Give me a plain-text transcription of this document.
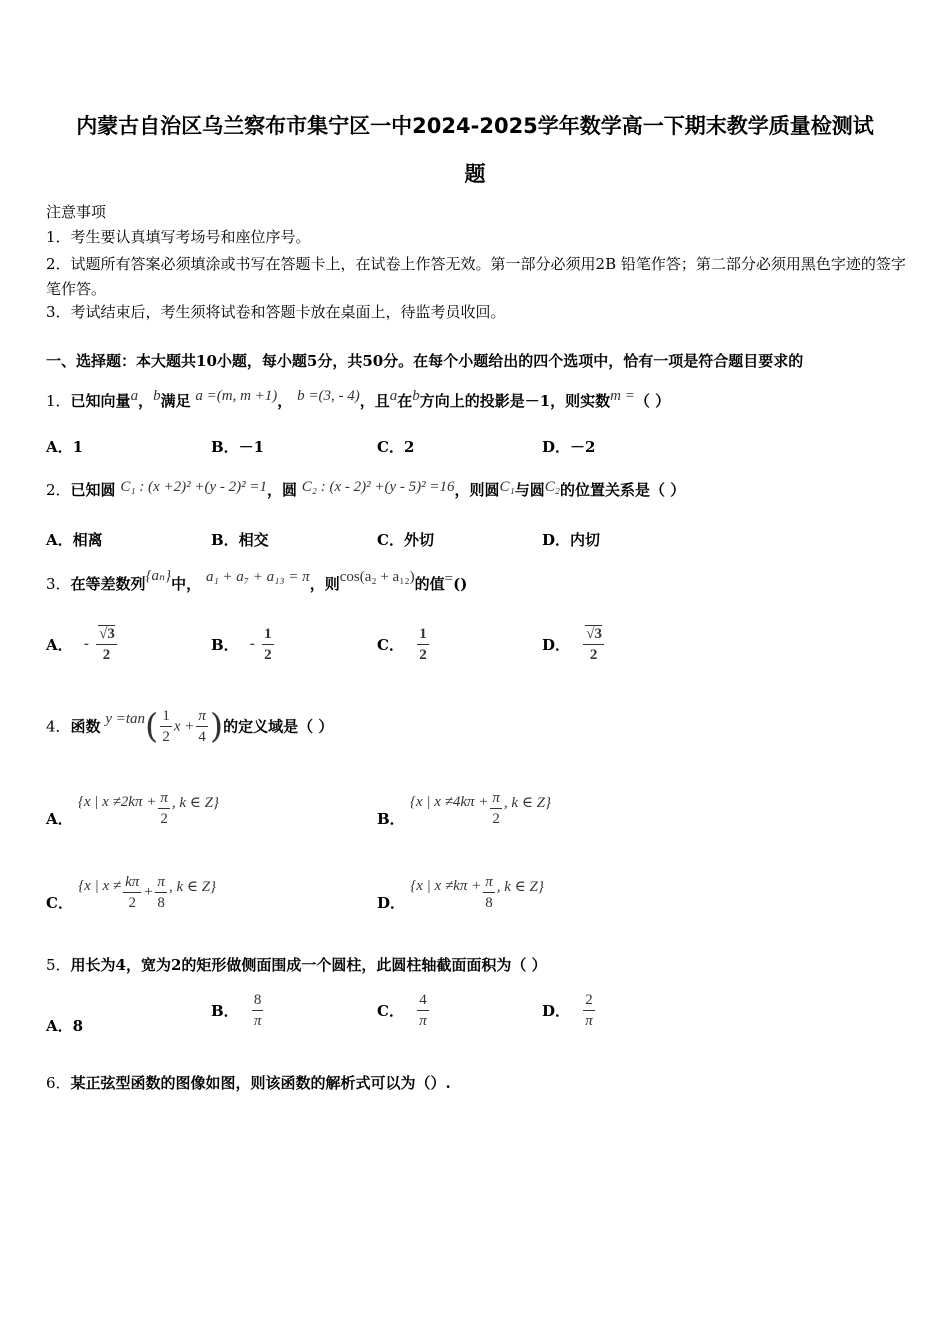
内蒙古自治区乌兰察布市集宁区一中2024-2025学年数学高一下期末教学质量检测试
题
注意事项
1．考生要认真填写考场号和座位序号。
2．试题所有答案必须填涂或书写在答题卡上，在试卷上作答无效。第一部分必须用2B 铅笔作答；第二部分必须用黑色字迹的签字笔作答。
3．考试结束后，考生须将试卷和答题卡放在桌面上，待监考员收回。
一、选择题：本大题共10小题，每小题5分，共50分。在每个小题给出的四个选项中，恰有一项是符合题目要求的
1．已知向量$^a$，$^b$满足 $^{a =(m, m +1)}$， $^{b =(3, - 4)}$，且$^a$在$^b$方向上的投影是－1，则实数$^{m =}$（ ）
A．1	B．－1	C．2	D．－2
2．已知圆 C₁ : (x +2)² +(y - 2)² =1，圆 C₂ : (x - 2)² +(y - 5)² =16，则圆C₁与圆C₂的位置关系是（ ）
A．相离	B．相交	C．外切	D．内切
3．在等差数列{aₙ}中， a₁ + a₇ + a₁₃ = π，则cos(a₂ + a₁₂)的值=()
A． - $\frac{√3}{2}$	B． - $\frac{1}{2}$	C． $\frac{1}{2}$	D． $\frac{√3}{2}$
4．函数 $y =\tan( \frac{1}{2}$ $x + \frac{\pi}{4}$ )的定义域是（ ）
A． {x | $x \ne 2k\pi + \frac{\pi}{2}$ , k ∈ Z}
B． {x | $x \ne 4k\pi + \frac{\pi}{2}$ , k ∈ Z}
C． {x | $x \ne \frac{k\pi}{2} + \frac{\pi}{8}$ , k ∈ Z}
D． {x | $x \ne k\pi + \frac{\pi}{8}$ , k ∈ Z}
5．用长为4，宽为2的矩形做侧面围成一个圆柱，此圆柱轴截面面积为（ ）
A．8
B． $\frac{8}{\pi}$	C． $\frac{4}{\pi}$	D． $\frac{2}{\pi}$
6．某正弦型函数的图像如图，则该函数的解析式可以为（）.
